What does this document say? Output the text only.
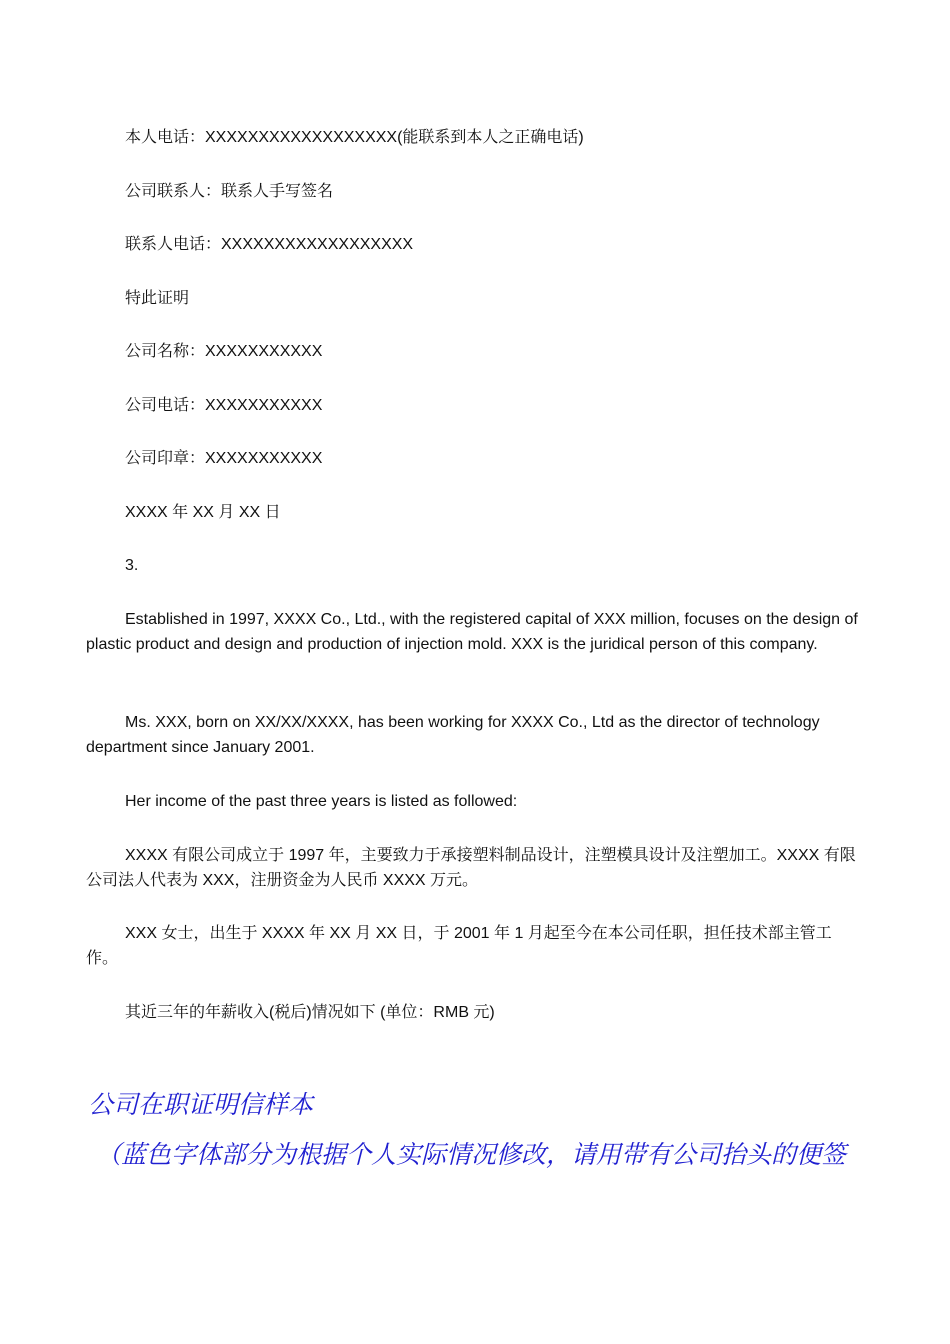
本人电话：XXXXXXXXXXXXXXXXXX(能联系到本人之正确电话)
公司联系人：联系人手写签名
联系人电话：XXXXXXXXXXXXXXXXXX
特此证明
公司名称：XXXXXXXXXXX
公司电话：XXXXXXXXXXX
公司印章：XXXXXXXXXXX
XXXX 年 XX 月 XX 日
3.
Established in 1997, XXXX Co., Ltd., with the registered capital of XXX million, focuses on the design of plastic product and design and production of injection mold. XXX is the juridical person of this company.
Ms. XXX, born on XX/XX/XXXX, has been working for XXXX Co., Ltd as the director of technology department since January 2001.
Her income of the past three years is listed as followed:
XXXX 有限公司成立于 1997 年，主要致力于承接塑料制品设计，注塑模具设计及注塑加工。XXXX 有限公司法人代表为 XXX，注册资金为人民币 XXXX 万元。
XXX 女士，出生于 XXXX 年 XX 月 XX 日，于 2001 年 1 月起至今在本公司任职，担任技术部主管工作。
其近三年的年薪收入(税后)情况如下 (单位：RMB 元)
公司在职证明信样本
（蓝色字体部分为根据个人实际情况修改，请用带有公司抬头的便签
